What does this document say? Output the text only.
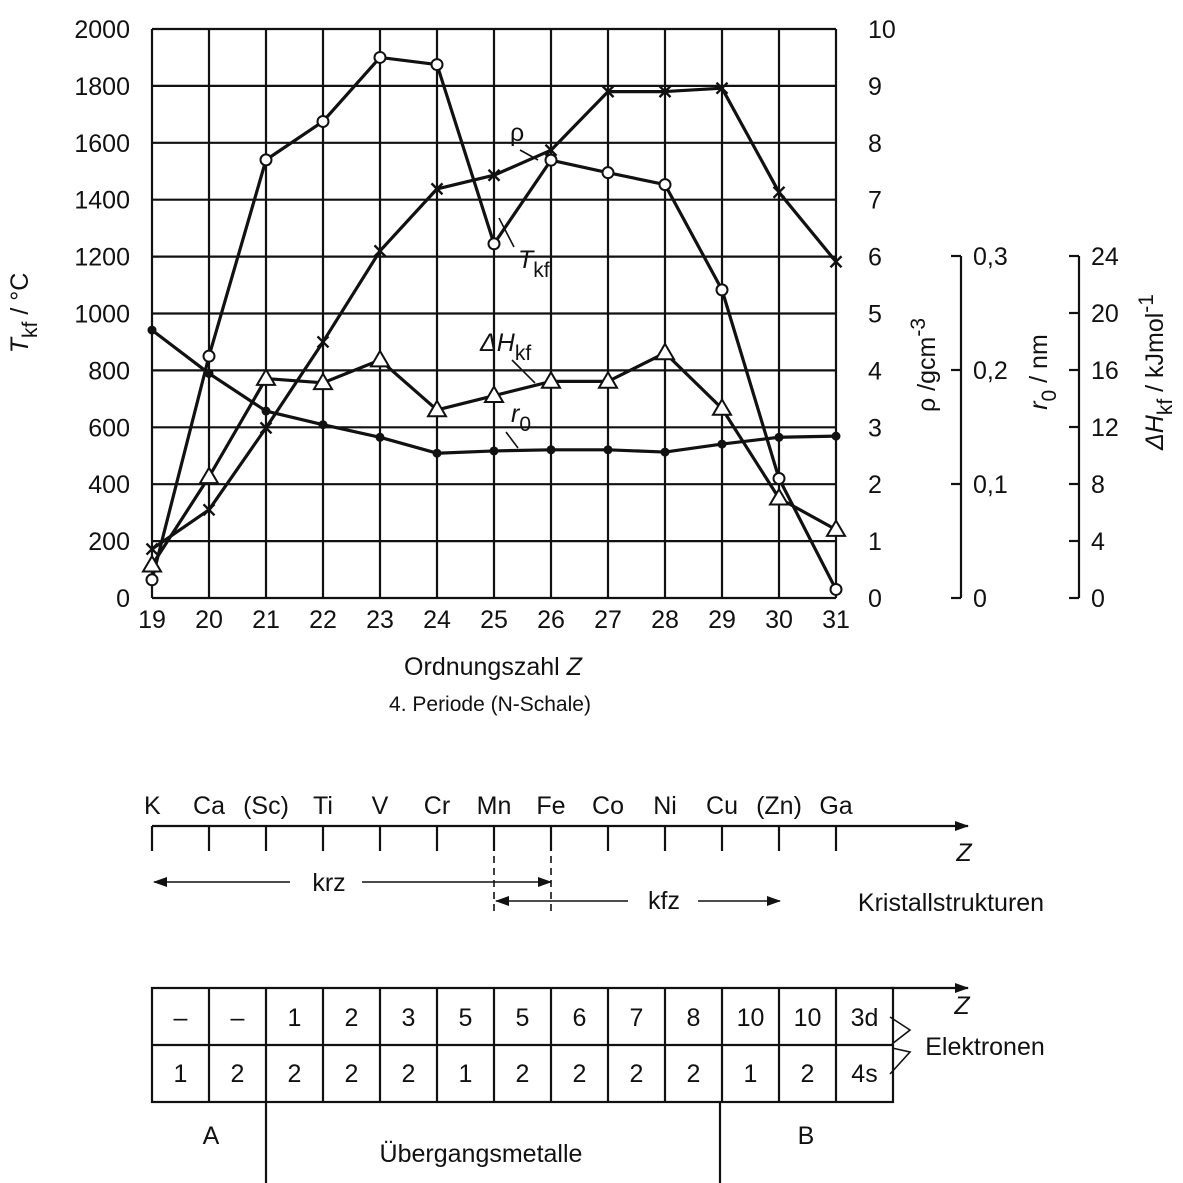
19 20 21 22 23 24 25 26 27 28 29 30 31
0
200
400
600
800
1000
1200
1400
1600
1800
2000
0
1
2
3
4
5
6
7
8
9
10
0
0,1
0,2
0,3
0
4
8
12
16
20
24
ρ
$T_{kf}$
$\Delta H_{kf}$
$r_0$
$T_{kf} / ^\circ C$
ρ /gcm$^{-3}$
$r_0$ / nm
$\Delta H_{kf}$ / kJmol$^{-1}$
Ordnungszahl Z
4. Periode (N-Schale)
K Ca (Sc) Ti V Cr Mn Fe Co Ni Cu (Zn) Ga
Z
krz
kfz	Kristallstrukturen
– – 1 2 3 5 5 6 7 8 10 10 3d
1 2 2 2 2 1 2 2 2 2 1 2 4s
Z
Elektronen
A
Übergangsmetalle
B
